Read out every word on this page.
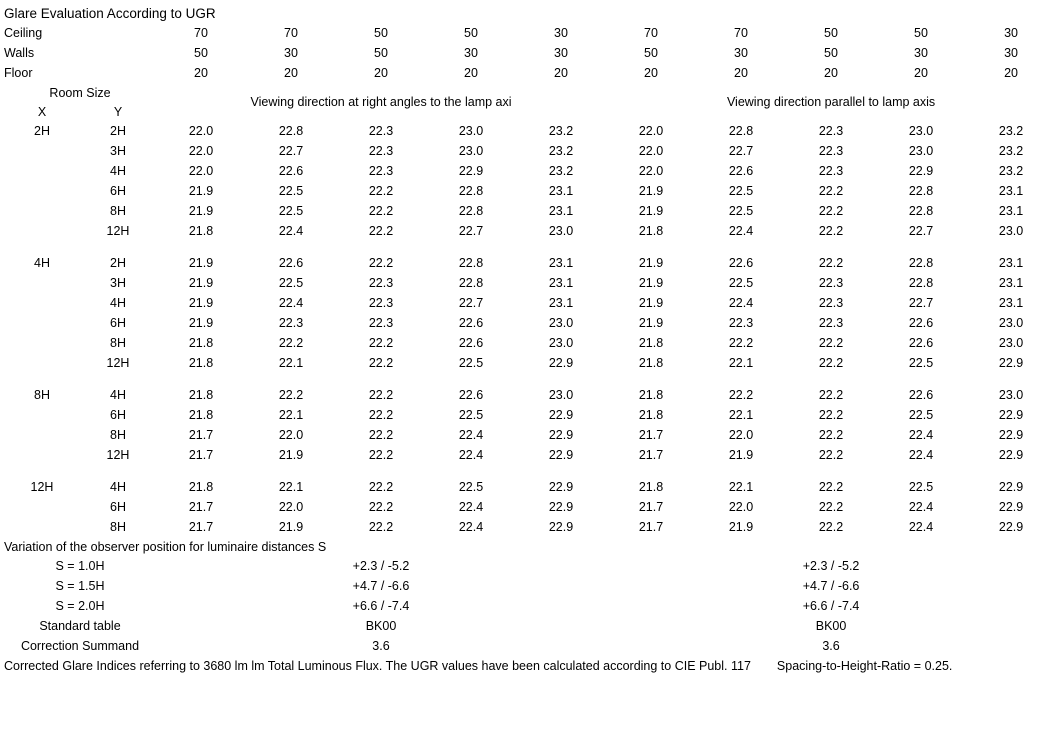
Glare Evaluation According to UGR											
Ceiling		70	70	50	50	30	70	70	50	50	30
Walls		50	30	50	30	30	50	30	50	30	30
Floor		20	20	20	20	20	20	20	20	20	20
Room Size		Viewing direction at right angles to the lamp axi					Viewing direction parallel to lamp axis				
X	Y										
2H	2H	22.0	22.8	22.3	23.0	23.2	22.0	22.8	22.3	23.0	23.2
	3H	22.0	22.7	22.3	23.0	23.2	22.0	22.7	22.3	23.0	23.2
	4H	22.0	22.6	22.3	22.9	23.2	22.0	22.6	22.3	22.9	23.2
	6H	21.9	22.5	22.2	22.8	23.1	21.9	22.5	22.2	22.8	23.1
	8H	21.9	22.5	22.2	22.8	23.1	21.9	22.5	22.2	22.8	23.1
	12H	21.8	22.4	22.2	22.7	23.0	21.8	22.4	22.2	22.7	23.0

4H	2H	21.9	22.6	22.2	22.8	23.1	21.9	22.6	22.2	22.8	23.1
	3H	21.9	22.5	22.3	22.8	23.1	21.9	22.5	22.3	22.8	23.1
	4H	21.9	22.4	22.3	22.7	23.1	21.9	22.4	22.3	22.7	23.1
	6H	21.9	22.3	22.3	22.6	23.0	21.9	22.3	22.3	22.6	23.0
	8H	21.8	22.2	22.2	22.6	23.0	21.8	22.2	22.2	22.6	23.0
	12H	21.8	22.1	22.2	22.5	22.9	21.8	22.1	22.2	22.5	22.9

8H	4H	21.8	22.2	22.2	22.6	23.0	21.8	22.2	22.2	22.6	23.0
	6H	21.8	22.1	22.2	22.5	22.9	21.8	22.1	22.2	22.5	22.9
	8H	21.7	22.0	22.2	22.4	22.9	21.7	22.0	22.2	22.4	22.9
	12H	21.7	21.9	22.2	22.4	22.9	21.7	21.9	22.2	22.4	22.9

12H	4H	21.8	22.1	22.2	22.5	22.9	21.8	22.1	22.2	22.5	22.9
	6H	21.7	22.0	22.2	22.4	22.9	21.7	22.0	22.2	22.4	22.9
	8H	21.7	21.9	22.2	22.4	22.9	21.7	21.9	22.2	22.4	22.9
Variation of the observer position for luminaire distances S											
S = 1.0H		+2.3 / -5.2					+2.3 / -5.2				
S = 1.5H		+4.7 / -6.6					+4.7 / -6.6				
S = 2.0H		+6.6 / -7.4					+6.6 / -7.4				
Standard table		BK00					BK00				
Correction Summand		3.6					3.6				
Corrected Glare Indices referring to 3680 lm lm Total Luminous Flux. The UGR values have been calculated according to CIE Publ. 117 Spacing-to-Height-Ratio = 0.25.											
